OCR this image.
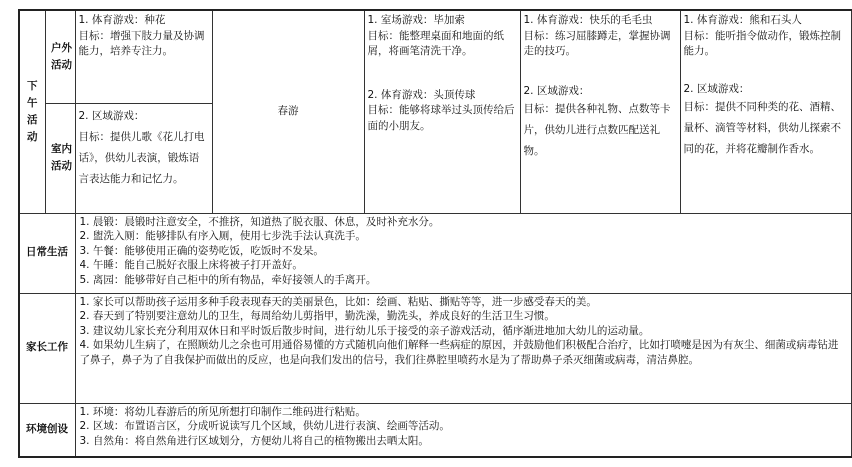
下午活动	户外活动	1. 体育游戏：种花
目标：增强下肢力量及协调能力，培养专注力。	春游	1. 室场游戏：毕加索
目标：能整理桌面和地面的纸屑，将画笔清洗干净。
2. 体育游戏：头顶传球
目标：能够将球举过头顶传给后面的小朋友。	1. 体育游戏：快乐的毛毛虫
目标：练习屈膝蹲走，掌握协调走的技巧。
2. 区域游戏：
目标：提供各种礼物、点数等卡片，供幼儿进行点数匹配送礼物。	1. 体育游戏：熊和石头人
目标：能听指令做动作，锻炼控制能力。
2. 区域游戏：
目标：提供不同种类的花、酒精、量杯、滴管等材料，供幼儿探索不同的花，并将花瓣制作香水。

	室内活动	2. 区域游戏：
目标：提供儿歌《花儿打电话》，供幼儿表演，锻炼语言表达能力和记忆力。				

日常生活		1. 晨锻：晨锻时注意安全，不推挤，知道热了脱衣服、休息，及时补充水分。
2. 盥洗入厕：能够排队有序入厕，使用七步洗手法认真洗手。
3. 午餐：能够使用正确的姿势吃饭，吃饭时不发呆。
4. 午睡：能自己脱好衣服上床将被子打开盖好。
5. 离园：能够带好自己柜中的所有物品，牵好接领人的手离开。				

家长工作		1. 家长可以帮助孩子运用多种手段表现春天的美丽景色，比如：绘画、粘贴、撕贴等等，进一步感受春天的美。
2. 春天到了特别要注意幼儿的卫生，每周给幼儿剪指甲，勤洗澡，勤洗头，养成良好的生活卫生习惯。
3. 建议幼儿家长充分利用双休日和平时饭后散步时间，进行幼儿乐于接受的亲子游戏活动，循序渐进地加大幼儿的运动量。
4. 如果幼儿生病了，在照顾幼儿之余也可用通俗易懂的方式随机向他们解释一些病症的原因，并鼓励他们积极配合治疗，比如打喷嚏是因为有灰尘、细菌或病毒钻进了鼻子，鼻子为了自我保护而做出的反应，也是向我们发出的信号，我们往鼻腔里喷药水是为了帮助鼻子杀灭细菌或病毒，清洁鼻腔。				

环境创设		1. 环境：将幼儿春游后的所见所想打印制作二维码进行粘贴。
2. 区域：布置语言区，分成听说读写几个区域，供幼儿进行表演、绘画等活动。
3. 自然角：将自然角进行区域划分，方便幼儿将自己的植物搬出去晒太阳。				
